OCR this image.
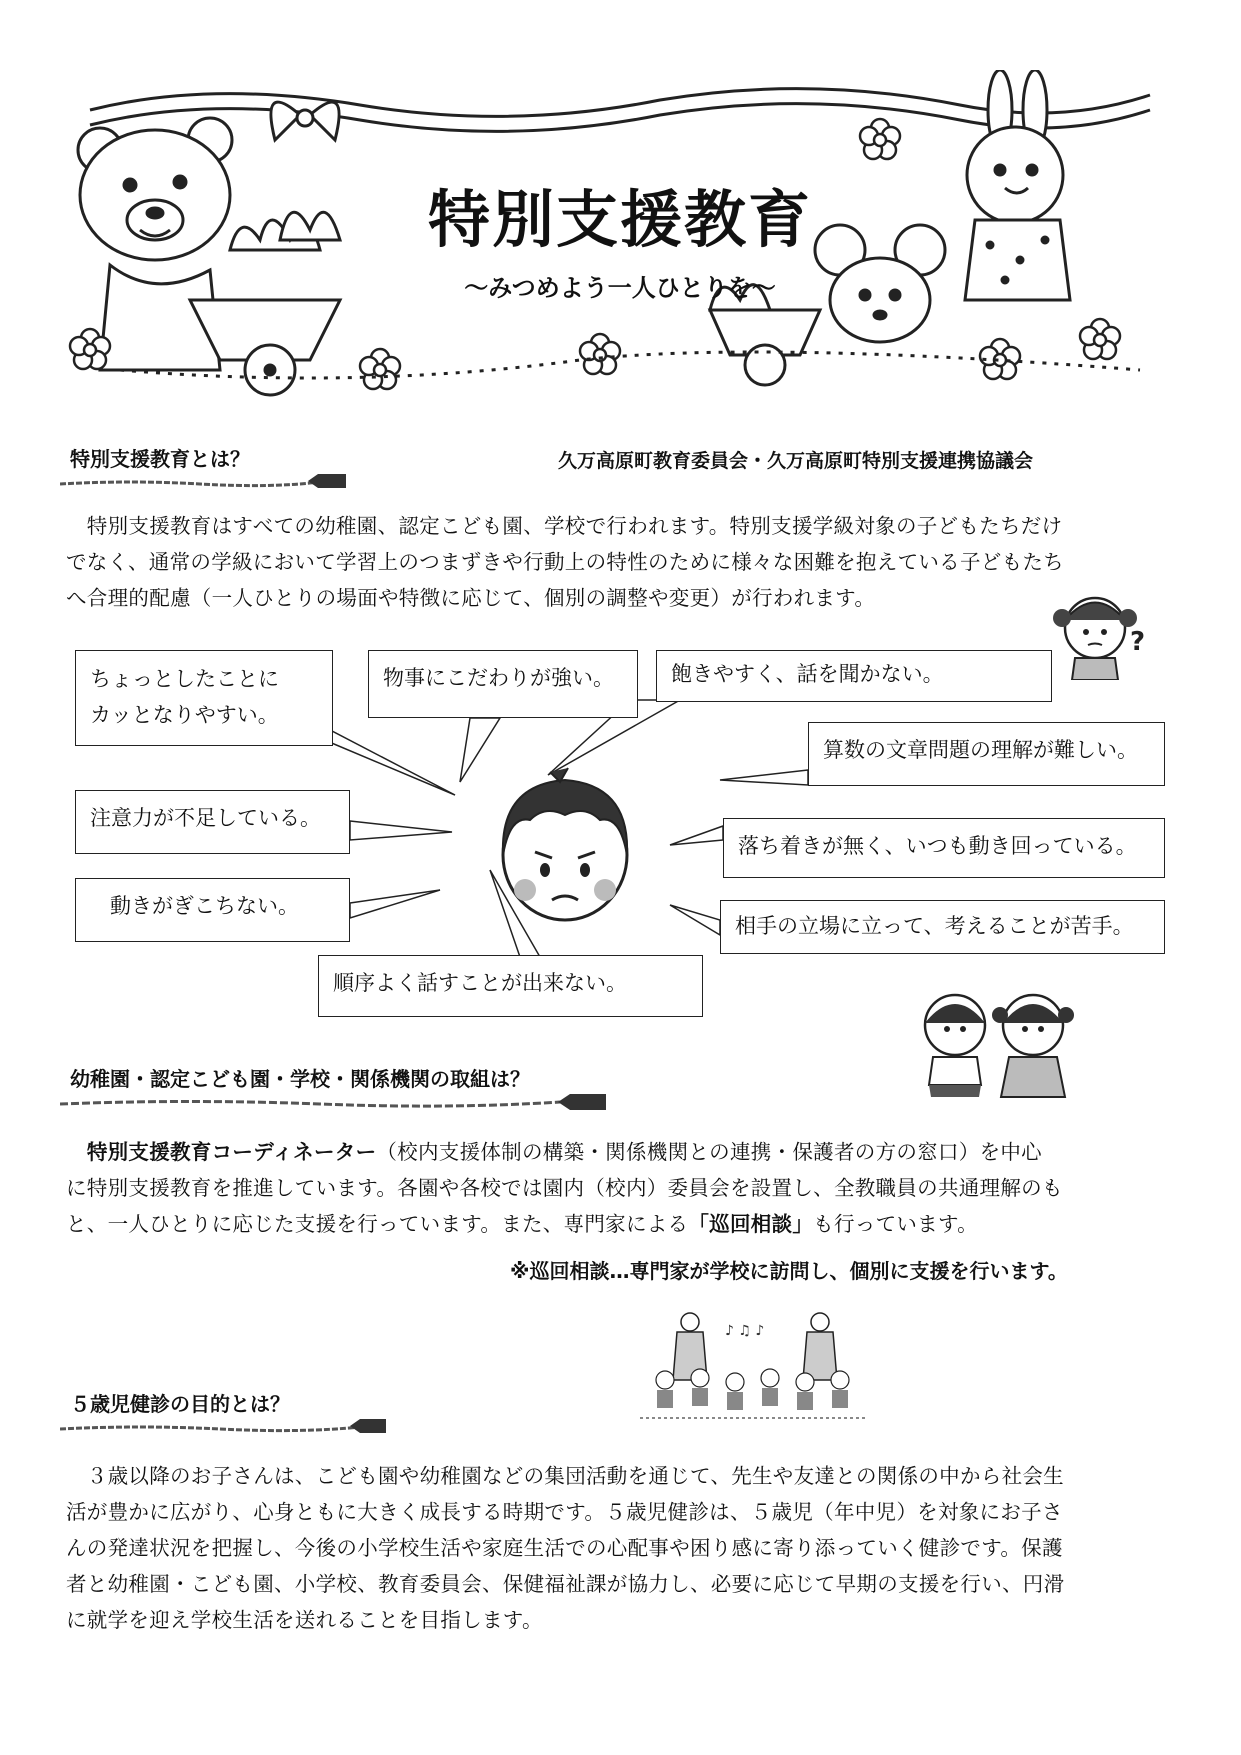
特別支援教育
～みつめよう一人ひとりを～
特別支援教育とは？	久万高原町教育委員会・久万高原町特別支援連携協議会

　特別支援教育はすべての幼稚園、認定こども園、学校で行われます。特別支援学級対象の子どもたちだけ

でなく、通常の学級において学習上のつまずきや行動上の特性のために様々な困難を抱えている子どもたち

へ合理的配慮（一人ひとりの場面や特徴に応じて、個別の調整や変更）が行われます。

?
ちょっとしたことに
カッとなりやすい。
物事にこだわりが強い。	飽きやすく、話を聞かない。
算数の文章問題の理解が難しい。
注意力が不足している。
落ち着きが無く、いつも動き回っている。
動きがぎこちない。
相手の立場に立って、考えることが苦手。
順序よく話すことが出来ない。
幼稚園・認定こども園・学校・関係機関の取組は？

　特別支援教育コーディネーター（校内支援体制の構築・関係機関との連携・保護者の方の窓口）を中心

に特別支援教育を推進しています。各園や各校では園内（校内）委員会を設置し、全教職員の共通理解のも

と、一人ひとりに応じた支援を行っています。また、専門家による「巡回相談」も行っています。

※巡回相談…専門家が学校に訪問し、個別に支援を行います。
♪ ♫ ♪
５歳児健診の目的とは？

　３歳以降のお子さんは、こども園や幼稚園などの集団活動を通じて、先生や友達との関係の中から社会生

活が豊かに広がり、心身ともに大きく成長する時期です。５歳児健診は、５歳児（年中児）を対象にお子さ

んの発達状況を把握し、今後の小学校生活や家庭生活での心配事や困り感に寄り添っていく健診です。保護

者と幼稚園・こども園、小学校、教育委員会、保健福祉課が協力し、必要に応じて早期の支援を行い、円滑

に就学を迎え学校生活を送れることを目指します。
